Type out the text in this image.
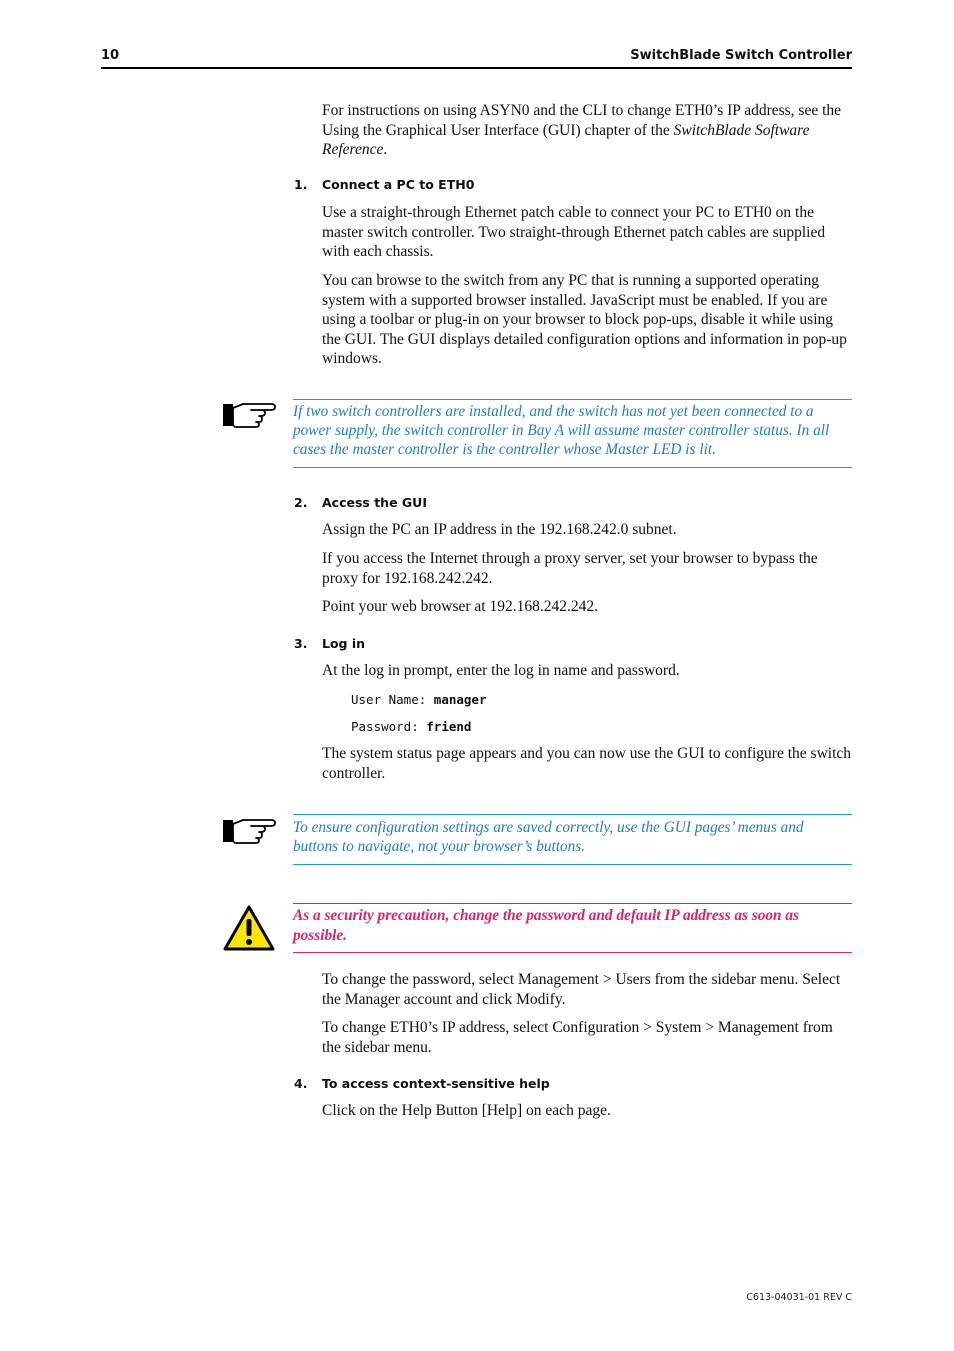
10	SwitchBlade Switch Controller
For instructions on using ASYN0 and the CLI to change ETH0’s IP address, see the Using the Graphical User Interface (GUI) chapter of the SwitchBlade Software Reference.
1. Connect a PC to ETH0
Use a straight-through Ethernet patch cable to connect your PC to ETH0 on the master switch controller. Two straight-through Ethernet patch cables are supplied with each chassis.
You can browse to the switch from any PC that is running a supported operating system with a supported browser installed. JavaScript must be enabled. If you are using a toolbar or plug-in on your browser to block pop-ups, disable it while using the GUI. The GUI displays detailed configuration options and information in pop-up windows.
If two switch controllers are installed, and the switch has not yet been connected to a power supply, the switch controller in Bay A will assume master controller status. In all cases the master controller is the controller whose Master LED is lit.
2. Access the GUI
Assign the PC an IP address in the 192.168.242.0 subnet.
If you access the Internet through a proxy server, set your browser to bypass the proxy for 192.168.242.242.
Point your web browser at 192.168.242.242.
3. Log in
At the log in prompt, enter the log in name and password.
User Name: manager
Password: friend
The system status page appears and you can now use the GUI to configure the switch controller.
To ensure configuration settings are saved correctly, use the GUI pages’ menus and buttons to navigate, not your browser’s buttons.
As a security precaution, change the password and default IP address as soon as possible.
To change the password, select Management > Users from the sidebar menu. Select the Manager account and click Modify.
To change ETH0’s IP address, select Configuration > System > Management from the sidebar menu.
4. To access context-sensitive help
Click on the Help Button [Help] on each page.
C613-04031-01 REV C
